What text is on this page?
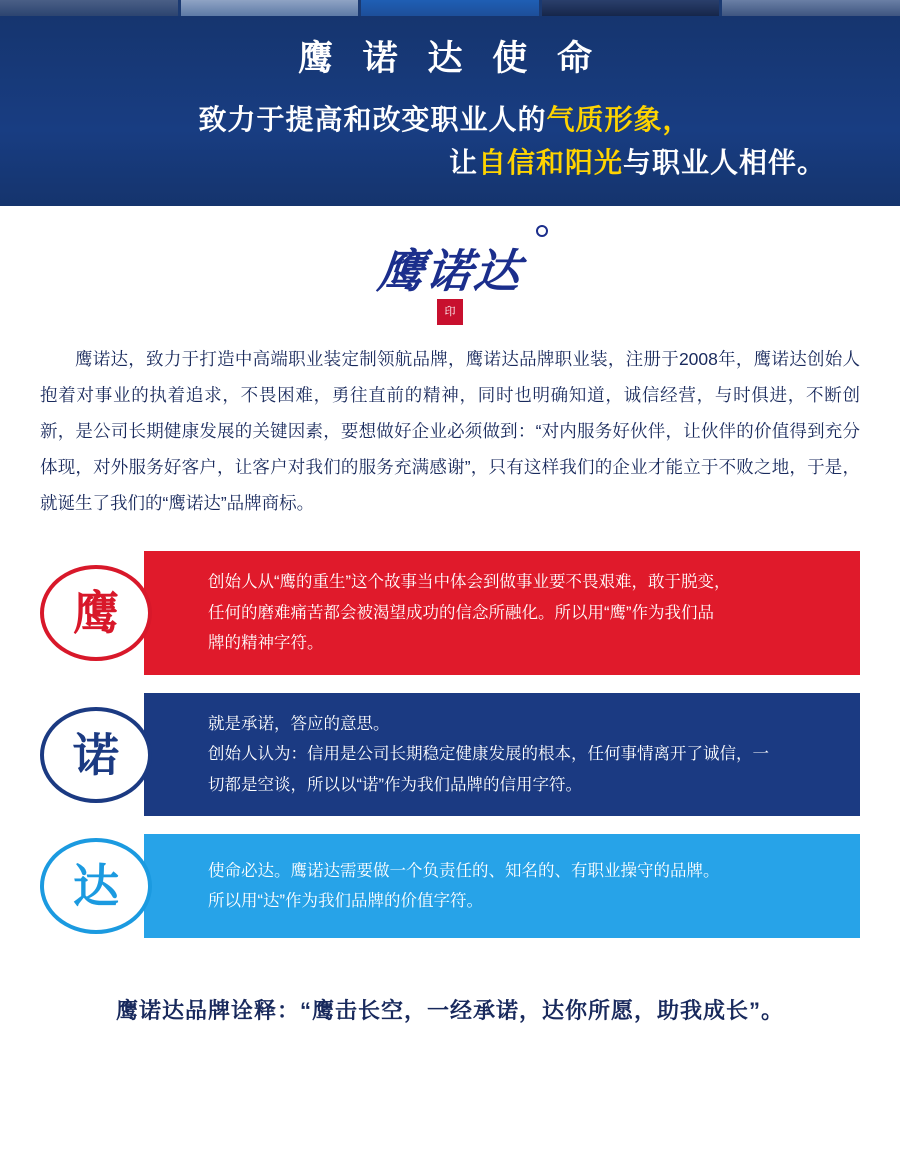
鹰 诺 达 使 命
致力于提高和改变职业人的气质形象，
让自信和阳光与职业人相伴。
鹰诺达
印

鹰诺达，致力于打造中高端职业装定制领航品牌，鹰诺达品牌职业装，注册于2008年，鹰诺达创始人抱着对事业的执着追求，不畏困难，勇往直前的精神，同时也明确知道，诚信经营，与时俱进，不断创新，是公司长期健康发展的关键因素，要想做好企业必须做到：“对内服务好伙伴，让伙伴的价值得到充分体现，对外服务好客户，让客户对我们的服务充满感谢”，只有这样我们的企业才能立于不败之地，于是，就诞生了我们的“鹰诺达”品牌商标。

鹰

创始人从“鹰的重生”这个故事当中体会到做事业要不畏艰难，敢于脱变，

任何的磨难痛苦都会被渴望成功的信念所融化。所以用“鹰”作为我们品

牌的精神字符。

诺

就是承诺，答应的意思。

创始人认为：信用是公司长期稳定健康发展的根本，任何事情离开了诚信，一

切都是空谈，所以以“诺”作为我们品牌的信用字符。

达	使命必达。鹰诺达需要做一个负责任的、知名的、有职业操守的品牌。

所以用“达”作为我们品牌的价值字符。

鹰诺达品牌诠释：“鹰击长空，一经承诺，达你所愿，助我成长”。
